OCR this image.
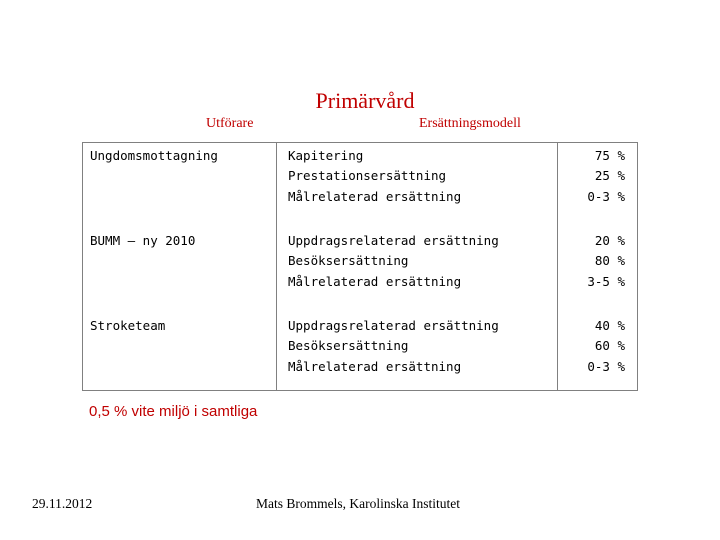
Primärvård
Utförare	Ersättningsmodell
Ungdomsmottagning	Kapitering	75 %
Prestationsersättning	25 %
Målrelaterad ersättning	0-3 %
BUMM – ny 2010	Uppdragsrelaterad ersättning	20 %
Besöksersättning	80 %
Målrelaterad ersättning	3-5 %
Stroketeam	Uppdragsrelaterad ersättning	40 %
Besöksersättning	60 %
Målrelaterad ersättning	0-3 %
0,5 % vite miljö i samtliga
29.11.2012	Mats Brommels, Karolinska Institutet
